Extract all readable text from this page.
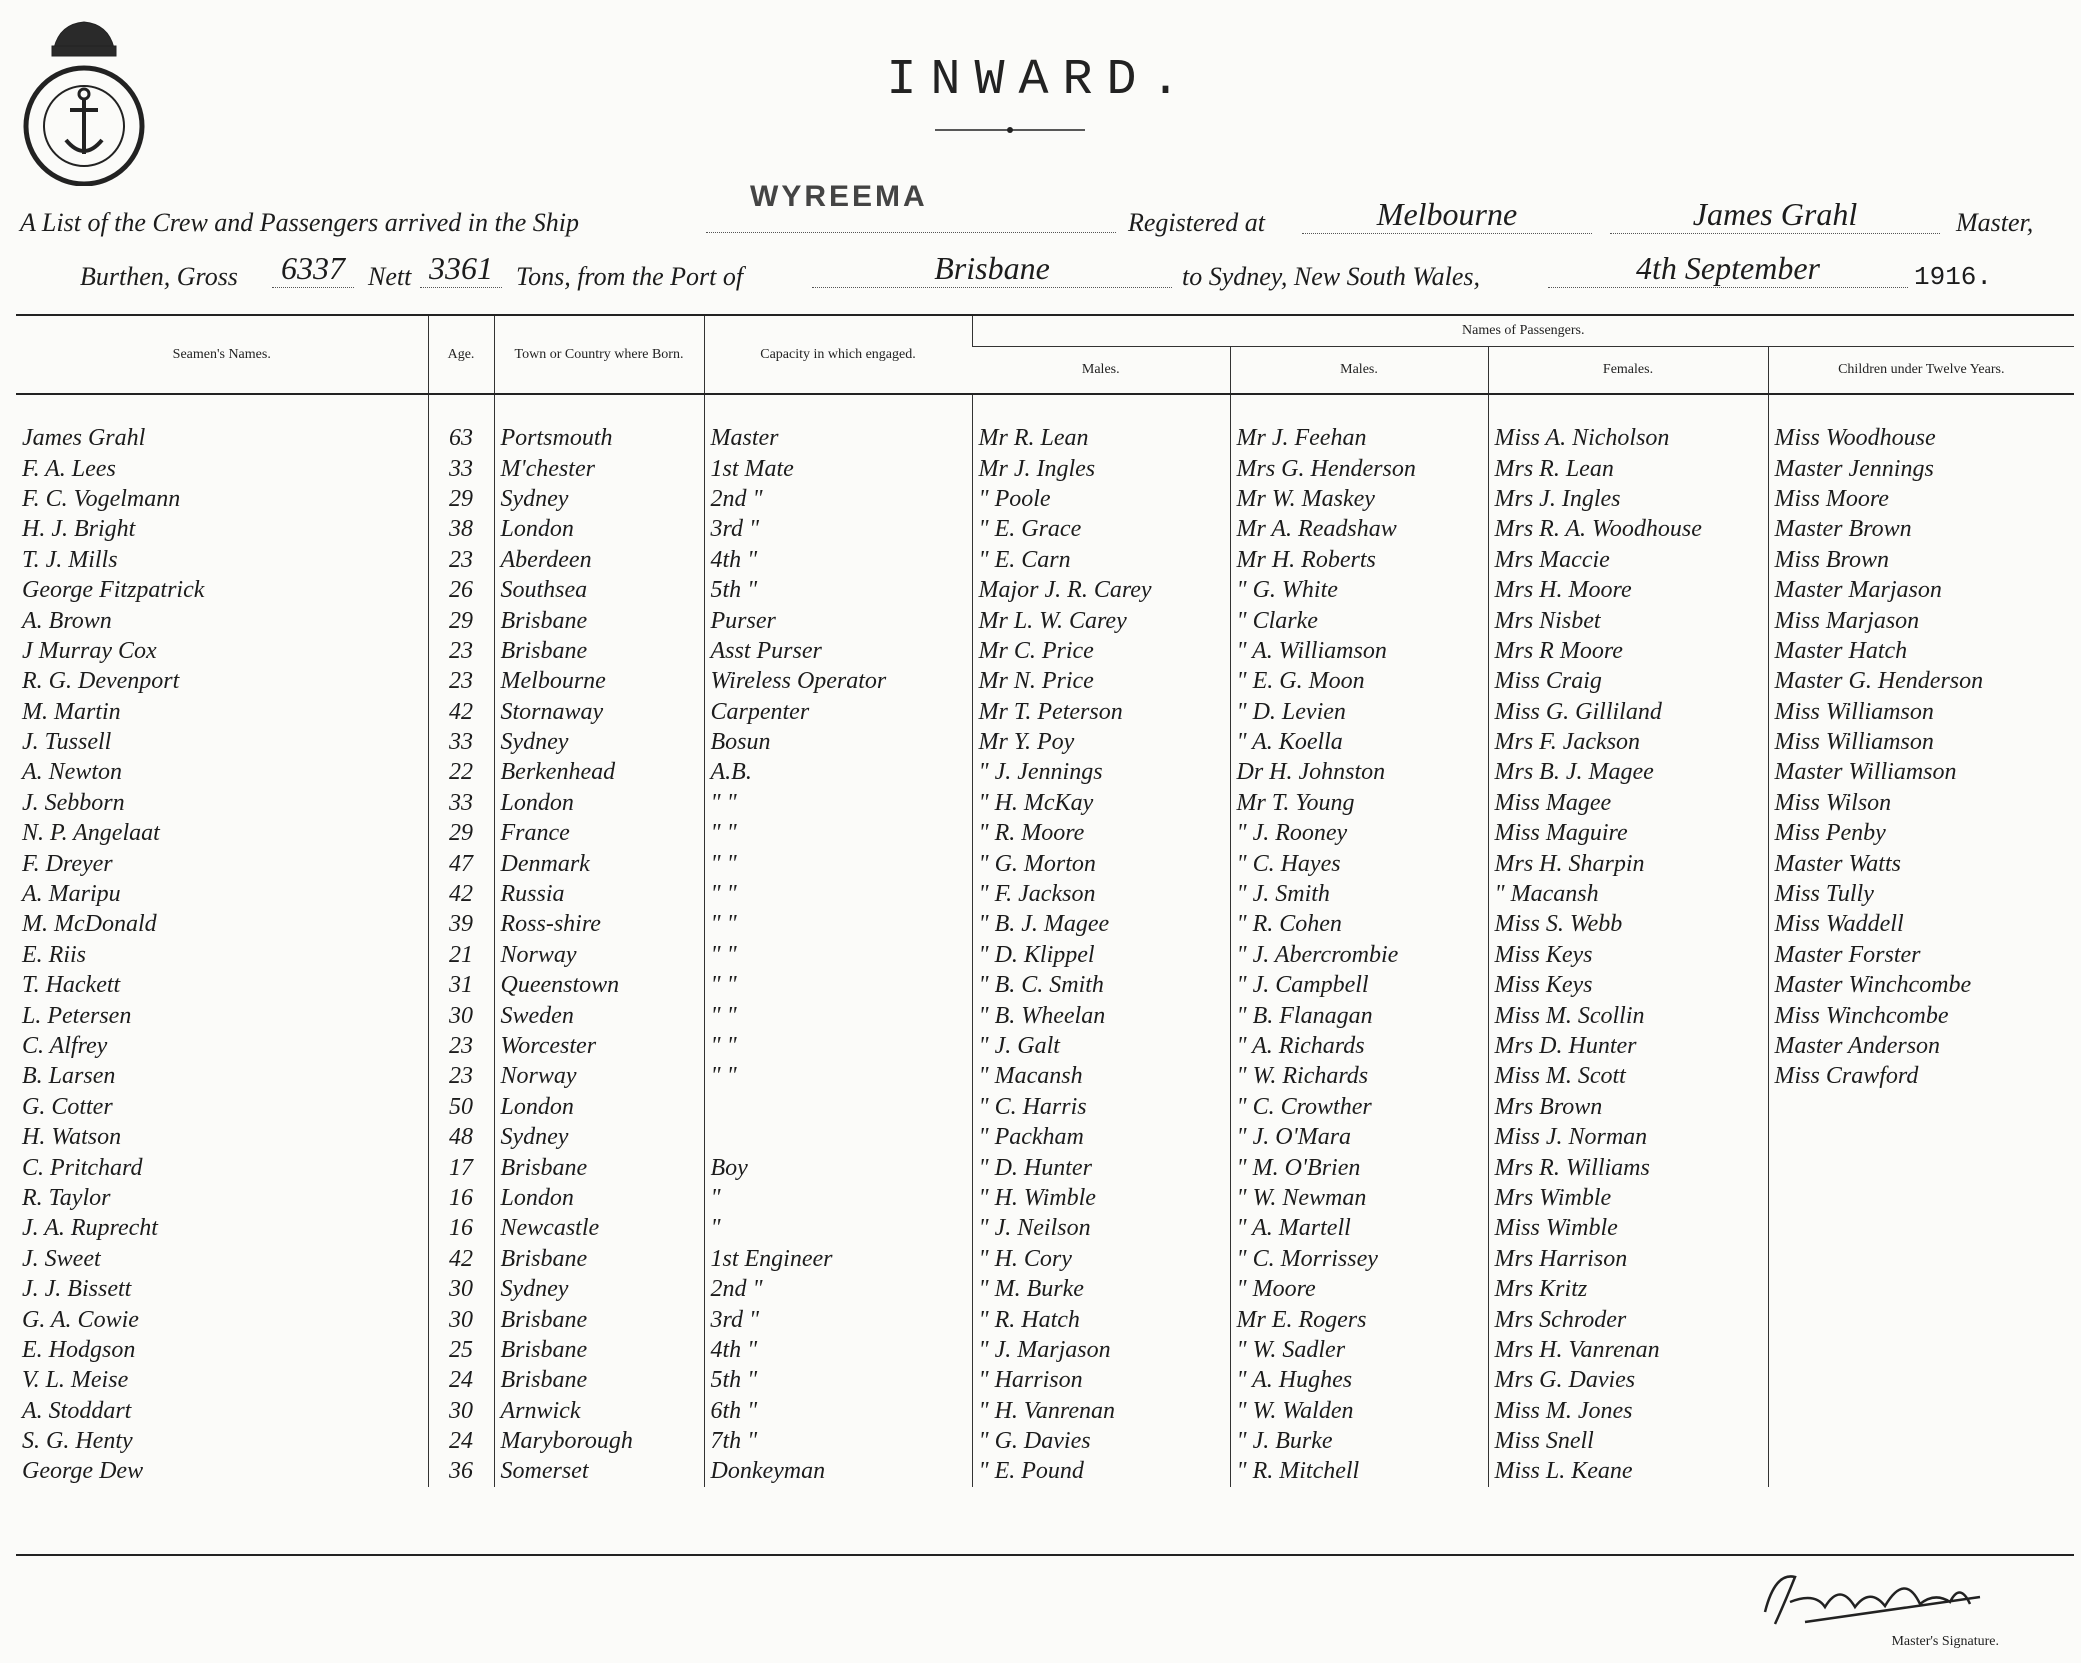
INWARD.
A List of the Crew and Passengers arrived in the Ship
WYREEMA
Registered at	Melbourne	James Grahl	Master,
Burthen, Gross 6337 Nett 3361 Tons, from the Port of	Brisbane	to Sydney, New South Wales,	4th September	1916.
Seamen's Names.	Age.	Town or Country where Born.	Capacity in which engaged.	Names of Passengers.			
				Males.	Males.	Females.	Children under Twelve Years.
James Grahl	63	Portsmouth	Master	Mr R. Lean	Mr J. Feehan	Miss A. Nicholson	Miss Woodhouse
F. A. Lees	33	M'chester	1st Mate	Mr J. Ingles	Mrs G. Henderson	Mrs R. Lean	Master Jennings
F. C. Vogelmann	29	Sydney	2nd "	" Poole	Mr W. Maskey	Mrs J. Ingles	Miss Moore
H. J. Bright	38	London	3rd "	" E. Grace	Mr A. Readshaw	Mrs R. A. Woodhouse	Master Brown
T. J. Mills	23	Aberdeen	4th "	" E. Carn	Mr H. Roberts	Mrs Maccie	Miss Brown
George Fitzpatrick	26	Southsea	5th "	Major J. R. Carey	" G. White	Mrs H. Moore	Master Marjason
A. Brown	29	Brisbane	Purser	Mr L. W. Carey	" Clarke	Mrs Nisbet	Miss Marjason
J Murray Cox	23	Brisbane	Asst Purser	Mr C. Price	" A. Williamson	Mrs R Moore	Master Hatch
R. G. Devenport	23	Melbourne	Wireless Operator	Mr N. Price	" E. G. Moon	Miss Craig	Master G. Henderson
M. Martin	42	Stornaway	Carpenter	Mr T. Peterson	" D. Levien	Miss G. Gilliland	Miss Williamson
J. Tussell	33	Sydney	Bosun	Mr Y. Poy	" A. Koella	Mrs F. Jackson	Miss Williamson
A. Newton	22	Berkenhead	A.B.	" J. Jennings	Dr H. Johnston	Mrs B. J. Magee	Master Williamson
J. Sebborn	33	London	" "	" H. McKay	Mr T. Young	Miss Magee	Miss Wilson
N. P. Angelaat	29	France	" "	" R. Moore	" J. Rooney	Miss Maguire	Miss Penby
F. Dreyer	47	Denmark	" "	" G. Morton	" C. Hayes	Mrs H. Sharpin	Master Watts
A. Maripu	42	Russia	" "	" F. Jackson	" J. Smith	" Macansh	Miss Tully
M. McDonald	39	Ross-shire	" "	" B. J. Magee	" R. Cohen	Miss S. Webb	Miss Waddell
E. Riis	21	Norway	" "	" D. Klippel	" J. Abercrombie	Miss Keys	Master Forster
T. Hackett	31	Queenstown	" "	" B. C. Smith	" J. Campbell	Miss Keys	Master Winchcombe
L. Petersen	30	Sweden	" "	" B. Wheelan	" B. Flanagan	Miss M. Scollin	Miss Winchcombe
C. Alfrey	23	Worcester	" "	" J. Galt	" A. Richards	Mrs D. Hunter	Master Anderson
B. Larsen	23	Norway	" "	" Macansh	" W. Richards	Miss M. Scott	Miss Crawford
G. Cotter	50	London		" C. Harris	" C. Crowther	Mrs Brown	
H. Watson	48	Sydney		" Packham	" J. O'Mara	Miss J. Norman	
C. Pritchard	17	Brisbane	Boy	" D. Hunter	" M. O'Brien	Mrs R. Williams	
R. Taylor	16	London	"	" H. Wimble	" W. Newman	Mrs Wimble	
J. A. Ruprecht	16	Newcastle	"	" J. Neilson	" A. Martell	Miss Wimble	
J. Sweet	42	Brisbane	1st Engineer	" H. Cory	" C. Morrissey	Mrs Harrison	
J. J. Bissett	30	Sydney	2nd "	" M. Burke	" Moore	Mrs Kritz	
G. A. Cowie	30	Brisbane	3rd "	" R. Hatch	Mr E. Rogers	Mrs Schroder	
E. Hodgson	25	Brisbane	4th "	" J. Marjason	" W. Sadler	Mrs H. Vanrenan	
V. L. Meise	24	Brisbane	5th "	" Harrison	" A. Hughes	Mrs G. Davies	
A. Stoddart	30	Arnwick	6th "	" H. Vanrenan	" W. Walden	Miss M. Jones	
S. G. Henty	24	Maryborough	7th "	" G. Davies	" J. Burke	Miss Snell	
George Dew	36	Somerset	Donkeyman	" E. Pound	" R. Mitchell	Miss L. Keane	
Master's Signature.
